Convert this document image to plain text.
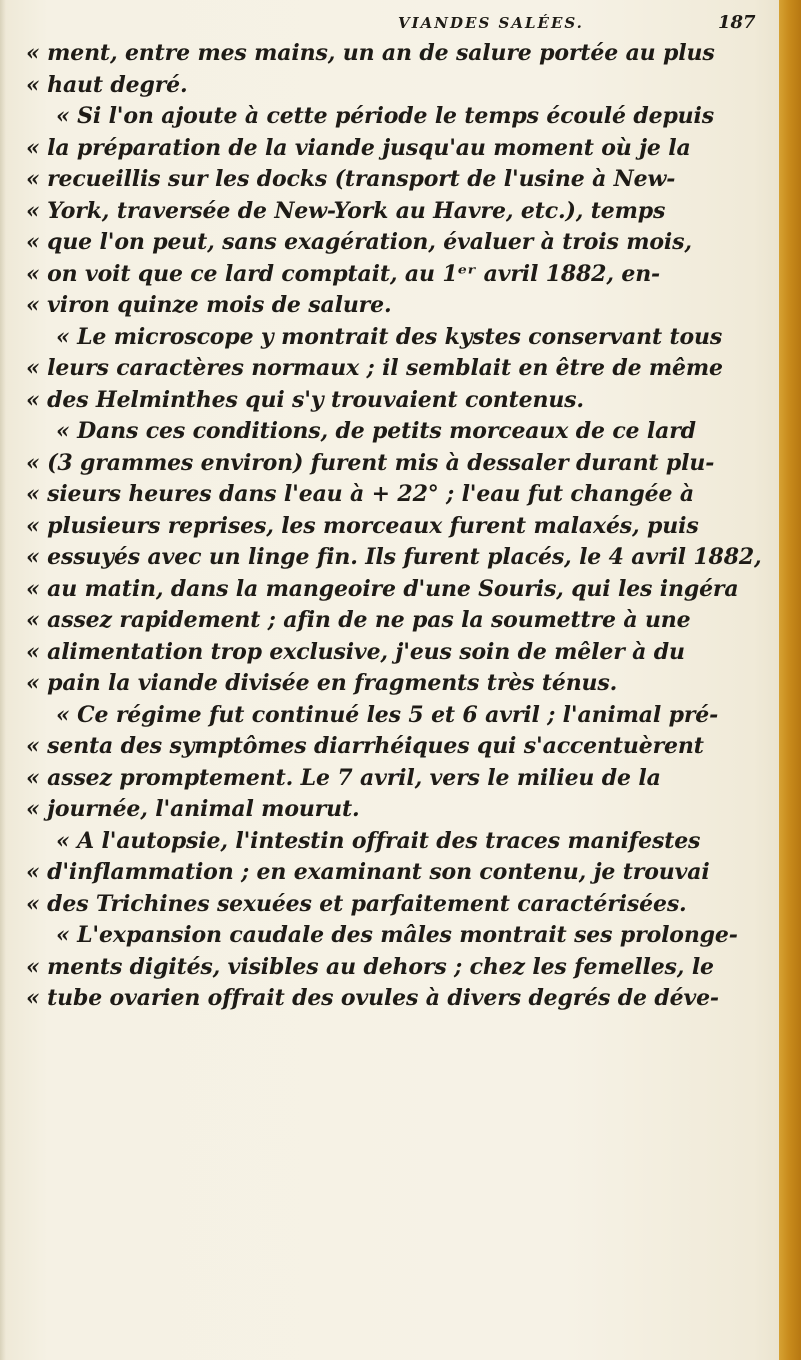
VIANDES SALÉES.	187
« ment, entre mes mains, un an de salure portée au plus
« haut degré.
« Si l'on ajoute à cette période le temps écoulé depuis
« la préparation de la viande jusqu'au moment où je la
« recueillis sur les docks (transport de l'usine à New-
« York, traversée de New-York au Havre, etc.), temps
« que l'on peut, sans exagération, évaluer à trois mois,
« on voit que ce lard comptait, au 1ᵉʳ avril 1882, en-
« viron quinze mois de salure.
« Le microscope y montrait des kystes conservant tous
« leurs caractères normaux ; il semblait en être de même
« des Helminthes qui s'y trouvaient contenus.
« Dans ces conditions, de petits morceaux de ce lard
« (3 grammes environ) furent mis à dessaler durant plu-
« sieurs heures dans l'eau à + 22° ; l'eau fut changée à
« plusieurs reprises, les morceaux furent malaxés, puis
« essuyés avec un linge fin. Ils furent placés, le 4 avril 1882,
« au matin, dans la mangeoire d'une Souris, qui les ingéra
« assez rapidement ; afin de ne pas la soumettre à une
« alimentation trop exclusive, j'eus soin de mêler à du
« pain la viande divisée en fragments très ténus.
« Ce régime fut continué les 5 et 6 avril ; l'animal pré-
« senta des symptômes diarrhéiques qui s'accentuèrent
« assez promptement. Le 7 avril, vers le milieu de la
« journée, l'animal mourut.
« A l'autopsie, l'intestin offrait des traces manifestes
« d'inflammation ; en examinant son contenu, je trouvai
« des Trichines sexuées et parfaitement caractérisées.
« L'expansion caudale des mâles montrait ses prolonge-
« ments digités, visibles au dehors ; chez les femelles, le
« tube ovarien offrait des ovules à divers degrés de déve-
